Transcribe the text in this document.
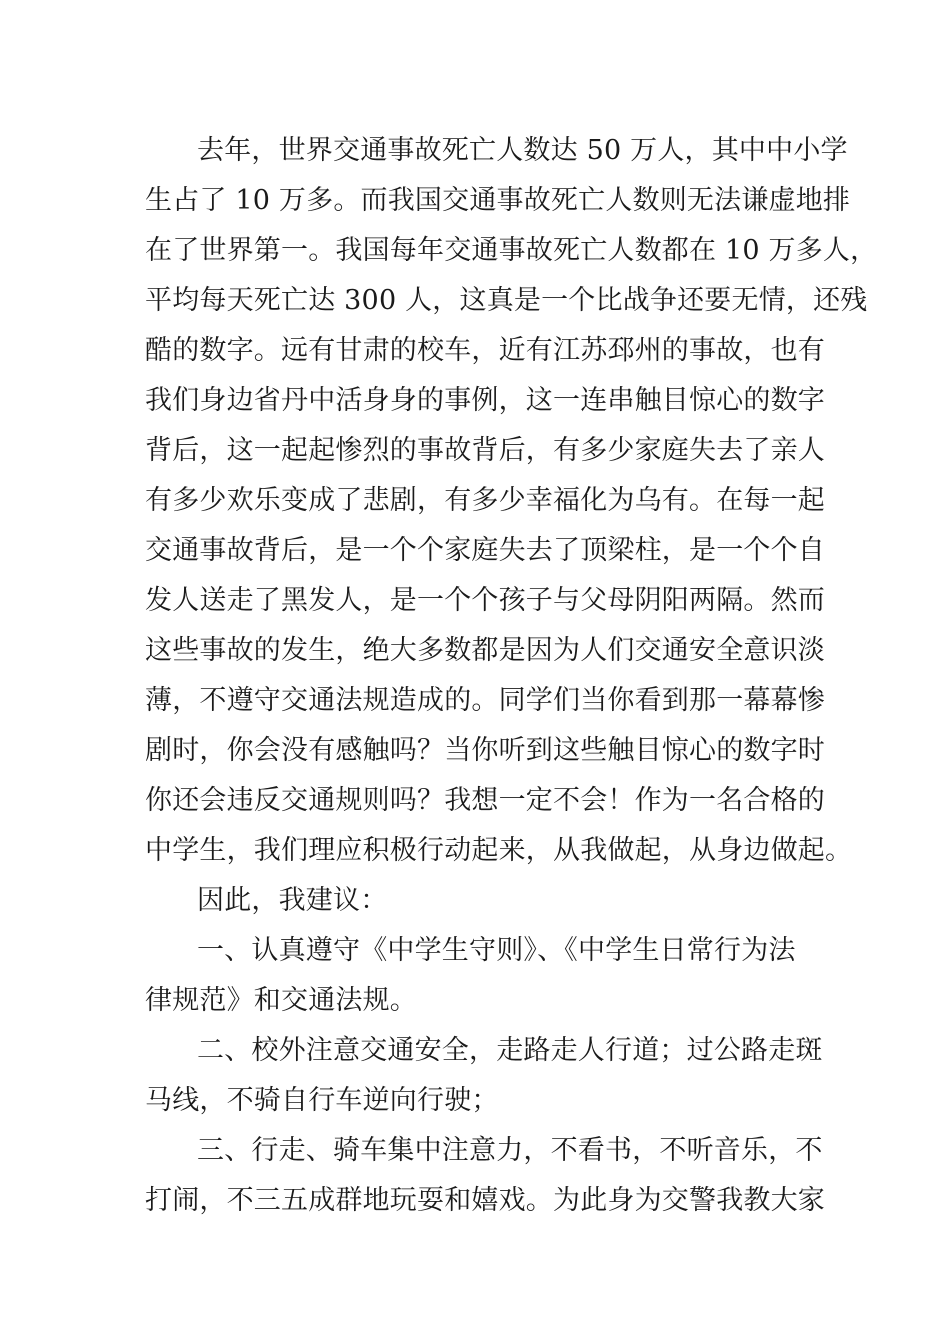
去年，世界交通事故死亡人数达 50 万人，其中中小学
生占了 10 万多。而我国交通事故死亡人数则无法谦虚地排
在了世界第一。我国每年交通事故死亡人数都在 10 万多人，
平均每天死亡达 300 人，这真是一个比战争还要无情，还残
酷的数字。远有甘肃的校车，近有江苏邳州的事故，也有
我们身边省丹中活身身的事例，这一连串触目惊心的数字
背后，这一起起惨烈的事故背后，有多少家庭失去了亲人
有多少欢乐变成了悲剧，有多少幸福化为乌有。在每一起
交通事故背后，是一个个家庭失去了顶梁柱，是一个个自
发人送走了黑发人，是一个个孩子与父母阴阳两隔。然而
这些事故的发生，绝大多数都是因为人们交通安全意识淡
薄，不遵守交通法规造成的。同学们当你看到那一幕幕惨
剧时，你会没有感触吗？当你听到这些触目惊心的数字时
你还会违反交通规则吗？我想一定不会！作为一名合格的
中学生，我们理应积极行动起来，从我做起，从身边做起。
因此，我建议：
一、认真遵守《中学生守则》、《中学生日常行为法
律规范》和交通法规。
二、校外注意交通安全，走路走人行道；过公路走斑
马线，不骑自行车逆向行驶；
三、行走、骑车集中注意力，不看书，不听音乐，不
打闹，不三五成群地玩耍和嬉戏。为此身为交警我教大家
